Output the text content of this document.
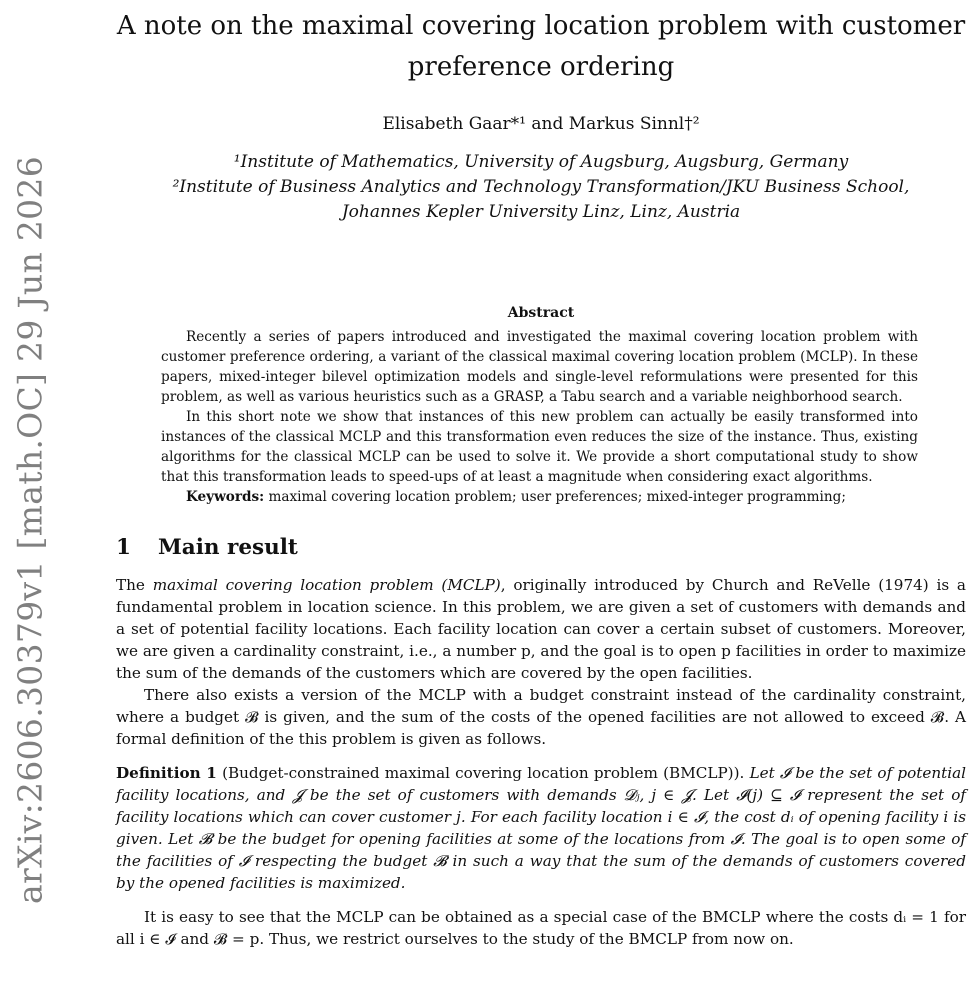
arXiv:2606.30379v1 [math.OC] 29 Jun 2026
A note on the maximal covering location problem with customer
preference ordering
Elisabeth Gaar*¹ and Markus Sinnl†²
¹Institute of Mathematics, University of Augsburg, Augsburg, Germany
²Institute of Business Analytics and Technology Transformation/JKU Business School,
Johannes Kepler University Linz, Linz, Austria
Abstract

Recently a series of papers introduced and investigated the maximal covering location problem with customer preference ordering, a variant of the classical maximal covering location problem (MCLP). In these papers, mixed-integer bilevel optimization models and single-level reformulations were presented for this problem, as well as various heuristics such as a GRASP, a Tabu search and a variable neighborhood search.

In this short note we show that instances of this new problem can actually be easily transformed into instances of the classical MCLP and this transformation even reduces the size of the instance. Thus, existing algorithms for the classical MCLP can be used to solve it. We provide a short computational study to show that this transformation leads to speed-ups of at least a magnitude when considering exact algorithms.

Keywords: maximal covering location problem; user preferences; mixed-integer programming;

1 Main result

The maximal covering location problem (MCLP), originally introduced by Church and ReVelle (1974) is a fundamental problem in location science. In this problem, we are given a set of customers with demands and a set of potential facility locations. Each facility location can cover a certain subset of customers. Moreover, we are given a cardinality constraint, i.e., a number p, and the goal is to open p facilities in order to maximize the sum of the demands of the customers which are covered by the open facilities.

There also exists a version of the MCLP with a budget constraint instead of the cardinality constraint, where a budget 𝓑 is given, and the sum of the costs of the opened facilities are not allowed to exceed 𝓑. A formal definition of the this problem is given as follows.

Definition 1 (Budget-constrained maximal covering location problem (BMCLP)). Let 𝓘 be the set of potential facility locations, and 𝓙 be the set of customers with demands 𝓓ⱼ, j ∈ 𝓙. Let 𝓘(j) ⊆ 𝓘 represent the set of facility locations which can cover customer j. For each facility location i ∈ 𝓘, the cost dᵢ of opening facility i is given. Let 𝓑 be the budget for opening facilities at some of the locations from 𝓘. The goal is to open some of the facilities of 𝓘 respecting the budget 𝓑 in such a way that the sum of the demands of customers covered by the opened facilities is maximized.
It is easy to see that the MCLP can be obtained as a special case of the BMCLP where the costs dᵢ = 1 for all i ∈ 𝓘 and 𝓑 = p. Thus, we restrict ourselves to the study of the BMCLP from now on.
